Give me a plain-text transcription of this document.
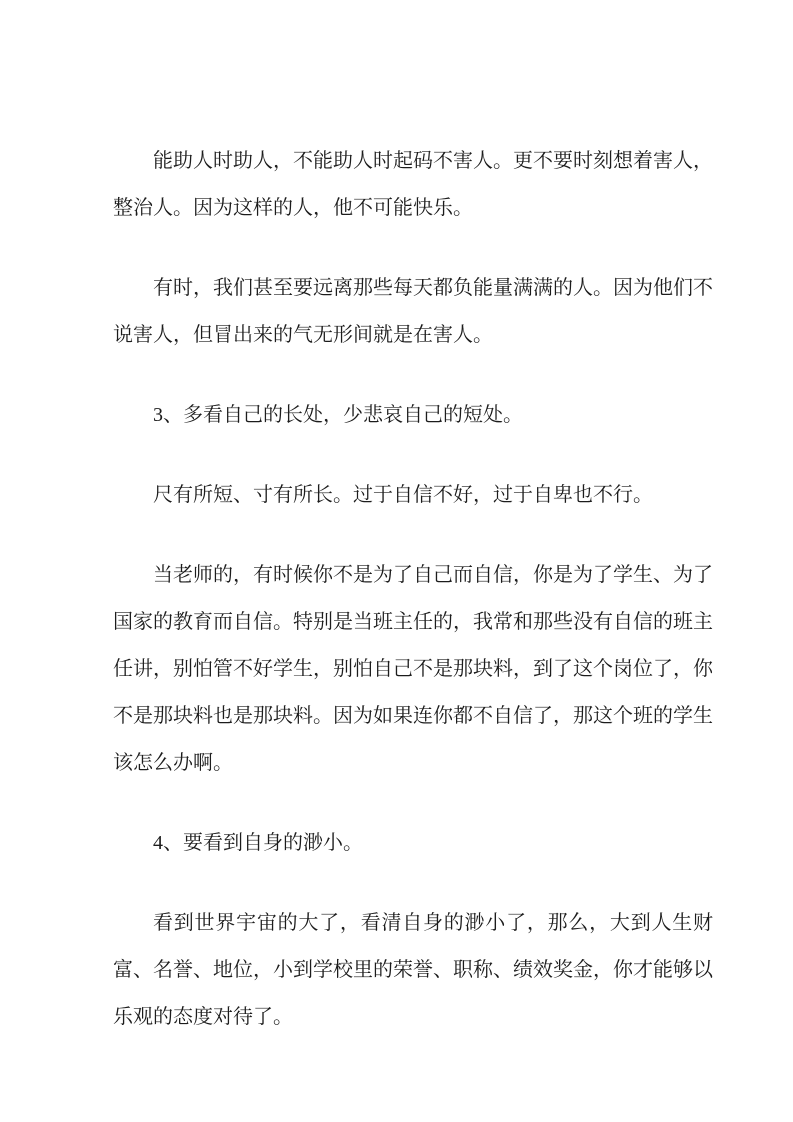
能助人时助人，不能助人时起码不害人。更不要时刻想着害人，整治人。因为这样的人，他不可能快乐。

有时，我们甚至要远离那些每天都负能量满满的人。因为他们不说害人，但冒出来的气无形间就是在害人。

3、多看自己的长处，少悲哀自己的短处。

尺有所短、寸有所长。过于自信不好，过于自卑也不行。

当老师的，有时候你不是为了自己而自信，你是为了学生、为了国家的教育而自信。特别是当班主任的，我常和那些没有自信的班主任讲，别怕管不好学生，别怕自己不是那块料，到了这个岗位了，你不是那块料也是那块料。因为如果连你都不自信了，那这个班的学生该怎么办啊。

4、要看到自身的渺小。

看到世界宇宙的大了，看清自身的渺小了，那么，大到人生财富、名誉、地位，小到学校里的荣誉、职称、绩效奖金，你才能够以乐观的态度对待了。
